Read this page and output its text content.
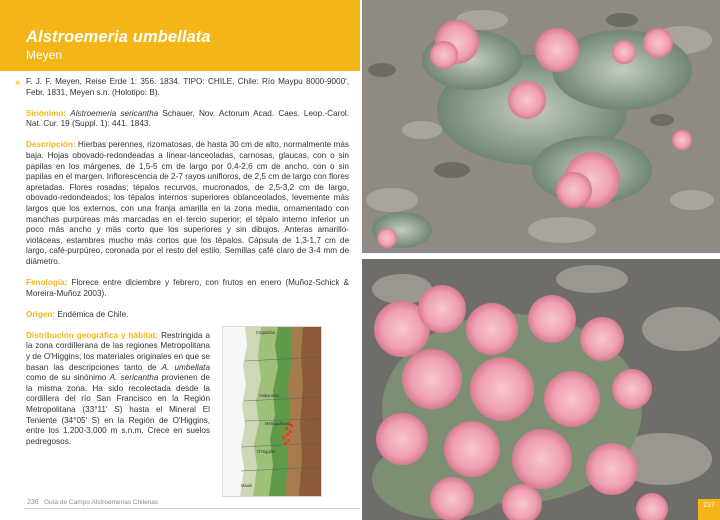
Alstroemeria umbellata
Meyen

» F. J. F. Meyen, Reise Erde 1: 356. 1834. TIPO: CHILE, Chile: Río Maypu 8000-9000', Febr. 1831, Meyen s.n. (Holotipo: B).

Sinónimo: Alstroemeria sericantha Schauer, Nov. Actorum Acad. Caes. Leop.-Carol. Nat. Cur. 19 (Suppl. 1): 441. 1843.

Descripción: Hierbas perennes, rizomatosas, de hasta 30 cm de alto, normalmente más baja. Hojas obovado-redondeadas a linear-lanceoladas, carnosas, glaucas, con o sin papilas en los márgenes, de 1,5-5 cm de largo por 0,4-2,6 cm de ancho, con o sin papilas en el margen. Inflorescencia de 2-7 rayos unifloros, de 2,5 cm de largo con flores apretadas. Flores rosadas; tépalos recurvos, mucronados, de 2,5-3,2 cm de largo, obovado-redondeados; los tépalos internos superiores oblanceolados, levemente más largos que los externos, con una franja amarilla en la zona media, ornamentado con manchas purpúreas más marcadas en el tercio superior; el tépalo interno inferior un poco más ancho y más corto que los superiores y sin dibujos. Anteras amarillo-violáceas, estambres mucho más cortos que los tépalos. Cápsula de 1,3-1,7 cm de largo, café-purpúreo, coronada por el resto del estilo. Semillas café claro de 3-4 mm de diámetro.

Fenología: Florece entre diciembre y febrero, con frutos en enero (Muñoz-Schick & Moreira-Muñoz 2003).

Origen: Endémica de Chile.

Distribución geográfica y hábitat: Restringida a la zona cordillerana de las regiones Metropolitana y de O'Higgins; los materiales originales en que se basan las descripciones tanto de A. umbellata como de su sinónimo A. sericantha provienen de la misma zona. Ha sido recolectada desde la cordillera del río San Francisco en la Región Metropolitana (33°11' S) hasta el Mineral El Teniente (34°05' S) en la Región de O'Higgins, entre los 1.200-3.000 m s.n.m. Crece en suelos pedregosos.

Coquimbo
Valparaíso
Metropolitana
O'Higgins
Maule
236 Guía de Campo Alstroemerias Chilenas	237
